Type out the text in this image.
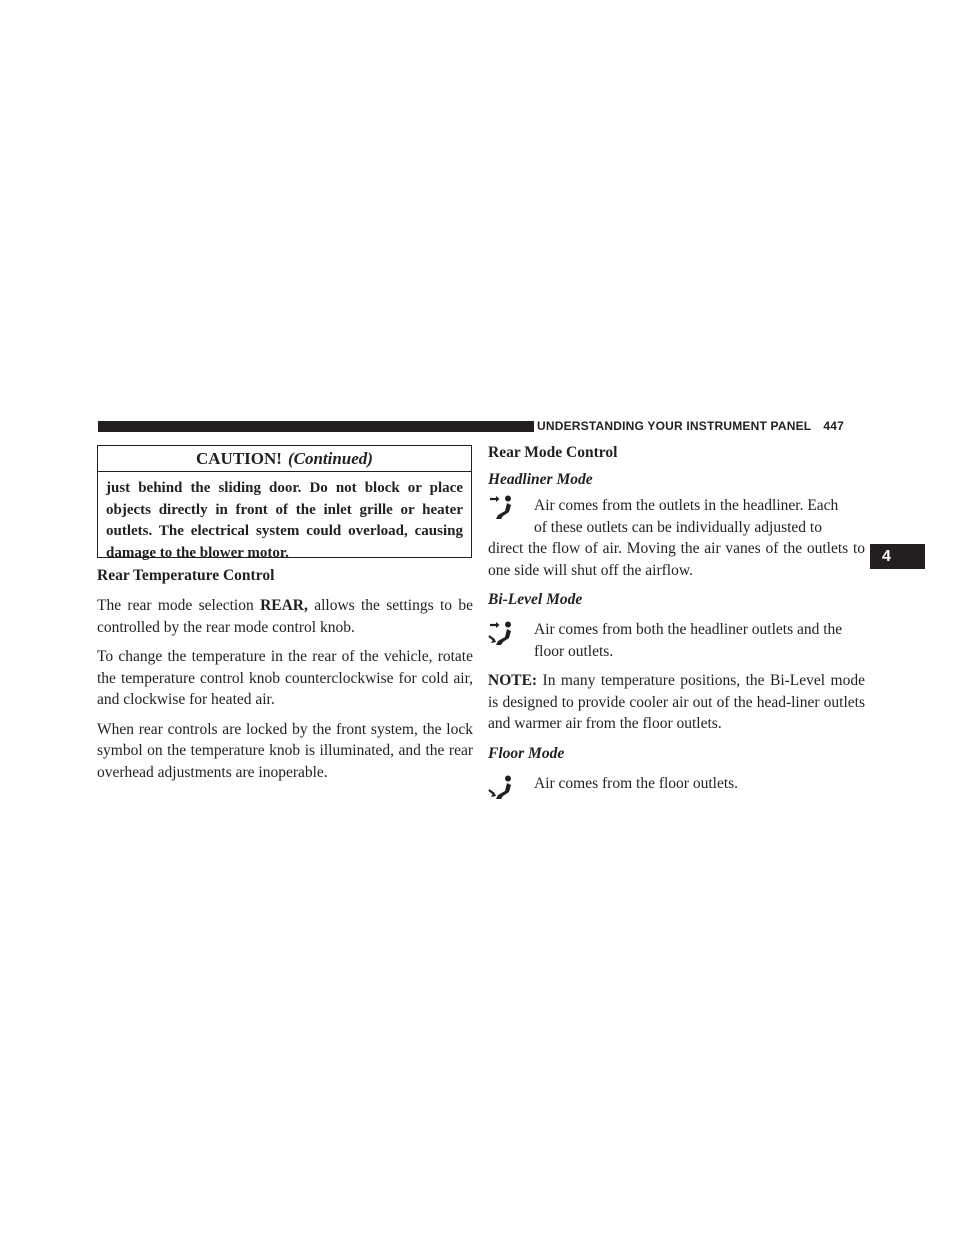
UNDERSTANDING YOUR INSTRUMENT PANEL 447
4
CAUTION! (Continued)
just behind the sliding door. Do not block or place objects directly in front of the inlet grille or heater outlets. The electrical system could overload, causing damage to the blower motor.
Rear Temperature Control

The rear mode selection REAR, allows the settings to be controlled by the rear mode control knob.

To change the temperature in the rear of the vehicle, rotate the temperature control knob counterclockwise for cold air, and clockwise for heated air.

When rear controls are locked by the front system, the lock symbol on the temperature knob is illuminated, and the rear overhead adjustments are inoperable.

Rear Mode Control
Headliner Mode

Air comes from the outlets in the headliner. Each

of these outlets can be individually adjusted to

direct the flow of air. Moving the air vanes of the outlets to one side will shut off the airflow.

Bi-Level Mode

Air comes from both the headliner outlets and the

floor outlets.

NOTE: In many temperature positions, the Bi-Level mode is designed to provide cooler air out of the head-liner outlets and warmer air from the floor outlets.

Floor Mode

Air comes from the floor outlets.
